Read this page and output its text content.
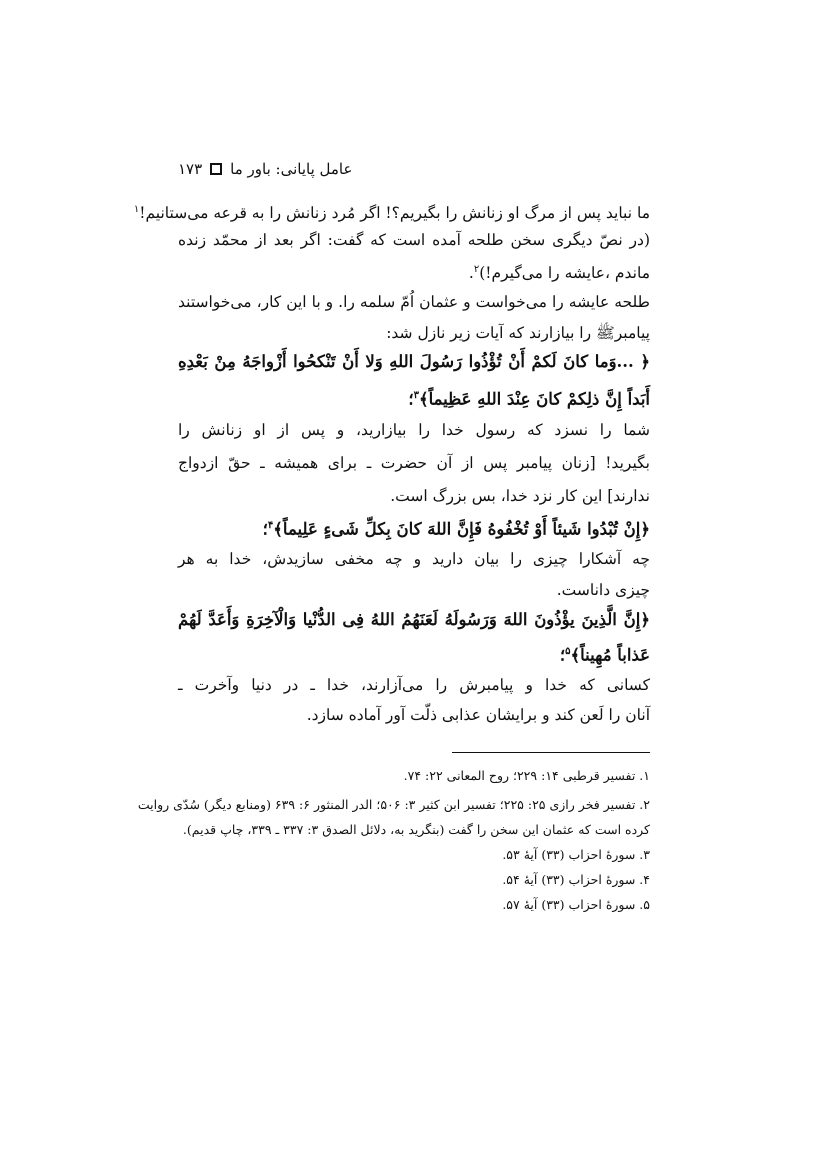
عامل پایانی: باور ما
۱۷۳
ما نباید پس از مرگ او زنانش را بگیریم؟! اگر مُرد زنانش را به قرعه می‌ستانیم!$^۱$
(در نصّ دیگری سخن طلحه آمده است که گفت: اگر بعد از محمّد زنده
ماندم ،عایشه را می‌گیرم!)$^۲$.
طلحه عایشه را می‌خواست و عثمان اُمّ سلمه را. و با این کار، می‌خواستند
پیامبرﷺ را بیازارند که آیات زیر نازل شد:
﴿ ...وَما کانَ لَکمْ أَنْ تُؤْذُوا رَسُولَ اللهِ وَلا أَنْ تَنْکحُوا أَزْواجَهُ مِنْ بَعْدِهِ
أَبَداً إِنَّ ذلِکمْ کانَ عِنْدَ اللهِ عَظِیماً﴾$^۳$؛
شما را نسزد که رسول خدا را بیازارید، و پس از او زنانش را
بگیرید! [زنان پیامبر پس از آن حضرت ـ برای همیشه ـ حقّ ازدواج
ندارند] این کار نزد خدا، بس بزرگ است.
﴿إِنْ تُبْدُوا شَیئاً أَوْ تُخْفُوهُ فَإِنَّ اللهَ کانَ بِکلِّ شَیءٍ عَلِیماً﴾$^۴$؛
چه آشکارا چیزی را بیان دارید و چه مخفی سازیدش، خدا به هر
چیزی داناست.
﴿إِنَّ الَّذِینَ یؤْذُونَ اللهَ وَرَسُولَهُ لَعَنَهُمُ اللهُ فِی الدُّنْیا وَالْآخِرَةِ وَأَعَدَّ لَهُمْ
عَذاباً مُهِیناً﴾$^۵$؛
کسانی که خدا و پیامبرش را می‌آزارند، خدا ـ در دنیا وآخرت ـ
آنان را لَعن کند و برایشان عذابی ذلّت آور آماده سازد.
۱. تفسیر قرطبی ۱۴: ۲۲۹؛ روح المعانی ۲۲: ۷۴.
۲. تفسیر فخر رازی ۲۵: ۲۲۵؛ تفسیر ابن کثیر ۳: ۵۰۶؛ الدر المنثور ۶: ۶۳۹ (ومنابع دیگر) سُدّی روایت
کرده است که عثمان این سخن را گفت (بنگرید به، دلائل الصدق ۳: ۳۳۷ ـ ۳۳۹، چاپ قدیم).
۳. سورهٔ احزاب (۳۳) آیهٔ ۵۳.
۴. سورهٔ احزاب (۳۳) آیهٔ ۵۴.
۵. سورهٔ احزاب (۳۳) آیهٔ ۵۷.
